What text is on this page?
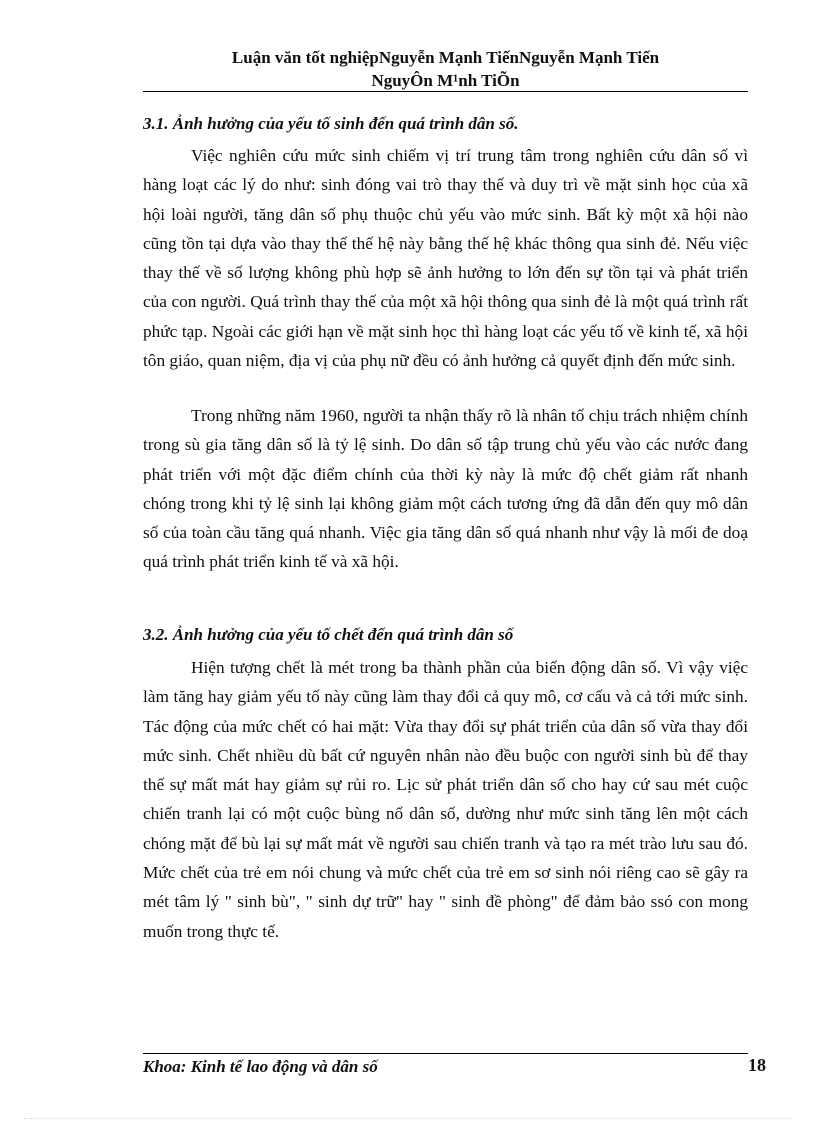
Luận văn tốt nghiệpNguyễn Mạnh TiếnNguyễn Mạnh Tiến
NguyÔn M¹nh TiÕn
3.1. Ảnh hưởng của yếu tố sinh đến quá trình dân số.

Việc nghiên cứu mức sinh chiếm vị trí trung tâm trong nghiên cứu dân số vì hàng loạt các lý do như: sinh đóng vai trò thay thế và duy trì về mặt sinh học của xã hội loài người, tăng dân số phụ thuộc chủ yếu vào mức sinh. Bất kỳ một xã hội nào cũng tồn tại dựa vào thay thế thế hệ này bằng thế hệ khác thông qua sinh đẻ. Nếu việc thay thế về số lượng không phù hợp sẽ ảnh hưởng to lớn đến sự tồn tại và phát triển của con người. Quá trình thay thế của một xã hội thông qua sinh đẻ là một quá trình rất phức tạp. Ngoài các giới hạn về mặt sinh học thì hàng loạt các yếu tố về kinh tế, xã hội tôn giáo, quan niệm, địa vị của phụ nữ đều có ảnh hưởng cả quyết định đến mức sinh.

Trong những năm 1960, người ta nhận thấy rõ là nhân tố chịu trách nhiệm chính trong sù gia tăng dân số là tỷ lệ sinh. Do dân số tập trung chủ yếu vào các nước đang phát triển với một đặc điểm chính của thời kỳ này là mức độ chết giảm rất nhanh chóng trong khi tỷ lệ sinh lại không giảm một cách tương ứng đã dẫn đến quy mô dân số của toàn cầu tăng quá nhanh. Việc gia tăng dân số quá nhanh như vậy là mối đe doạ quá trình phát triển kinh tế và xã hội.

3.2. Ảnh hưởng của yếu tố chết đến quá trình dân số

Hiện tượng chết là mét trong ba thành phần của biến động dân số. Vì vậy việc làm tăng hay giảm yếu tố này cũng làm thay đổi cả quy mô, cơ cấu và cả tới mức sinh. Tác động của mức chết có hai mặt: Vừa thay đổi sự phát triển của dân số vừa thay đổi mức sinh. Chết nhiều dù bất cứ nguyên nhân nào đều buộc con người sinh bù để thay thế sự mất mát hay giảm sự rủi ro. Lịc sử phát triển dân số cho hay cứ sau mét cuộc chiến tranh lại có một cuộc bùng nổ dân số, dường như mức sinh tăng lên một cách chóng mặt để bù lại sự mất mát về người sau chiến tranh và tạo ra mét trào lưu sau đó. Mức chết của trẻ em nói chung và mức chết của trẻ em sơ sinh nói riêng cao sẽ gây ra mét tâm lý " sinh bù", " sinh dự trữ" hay " sinh đề phòng" để đảm bảo ssó con mong muốn trong thực tế.

Khoa: Kinh tế lao động và dân số	18
